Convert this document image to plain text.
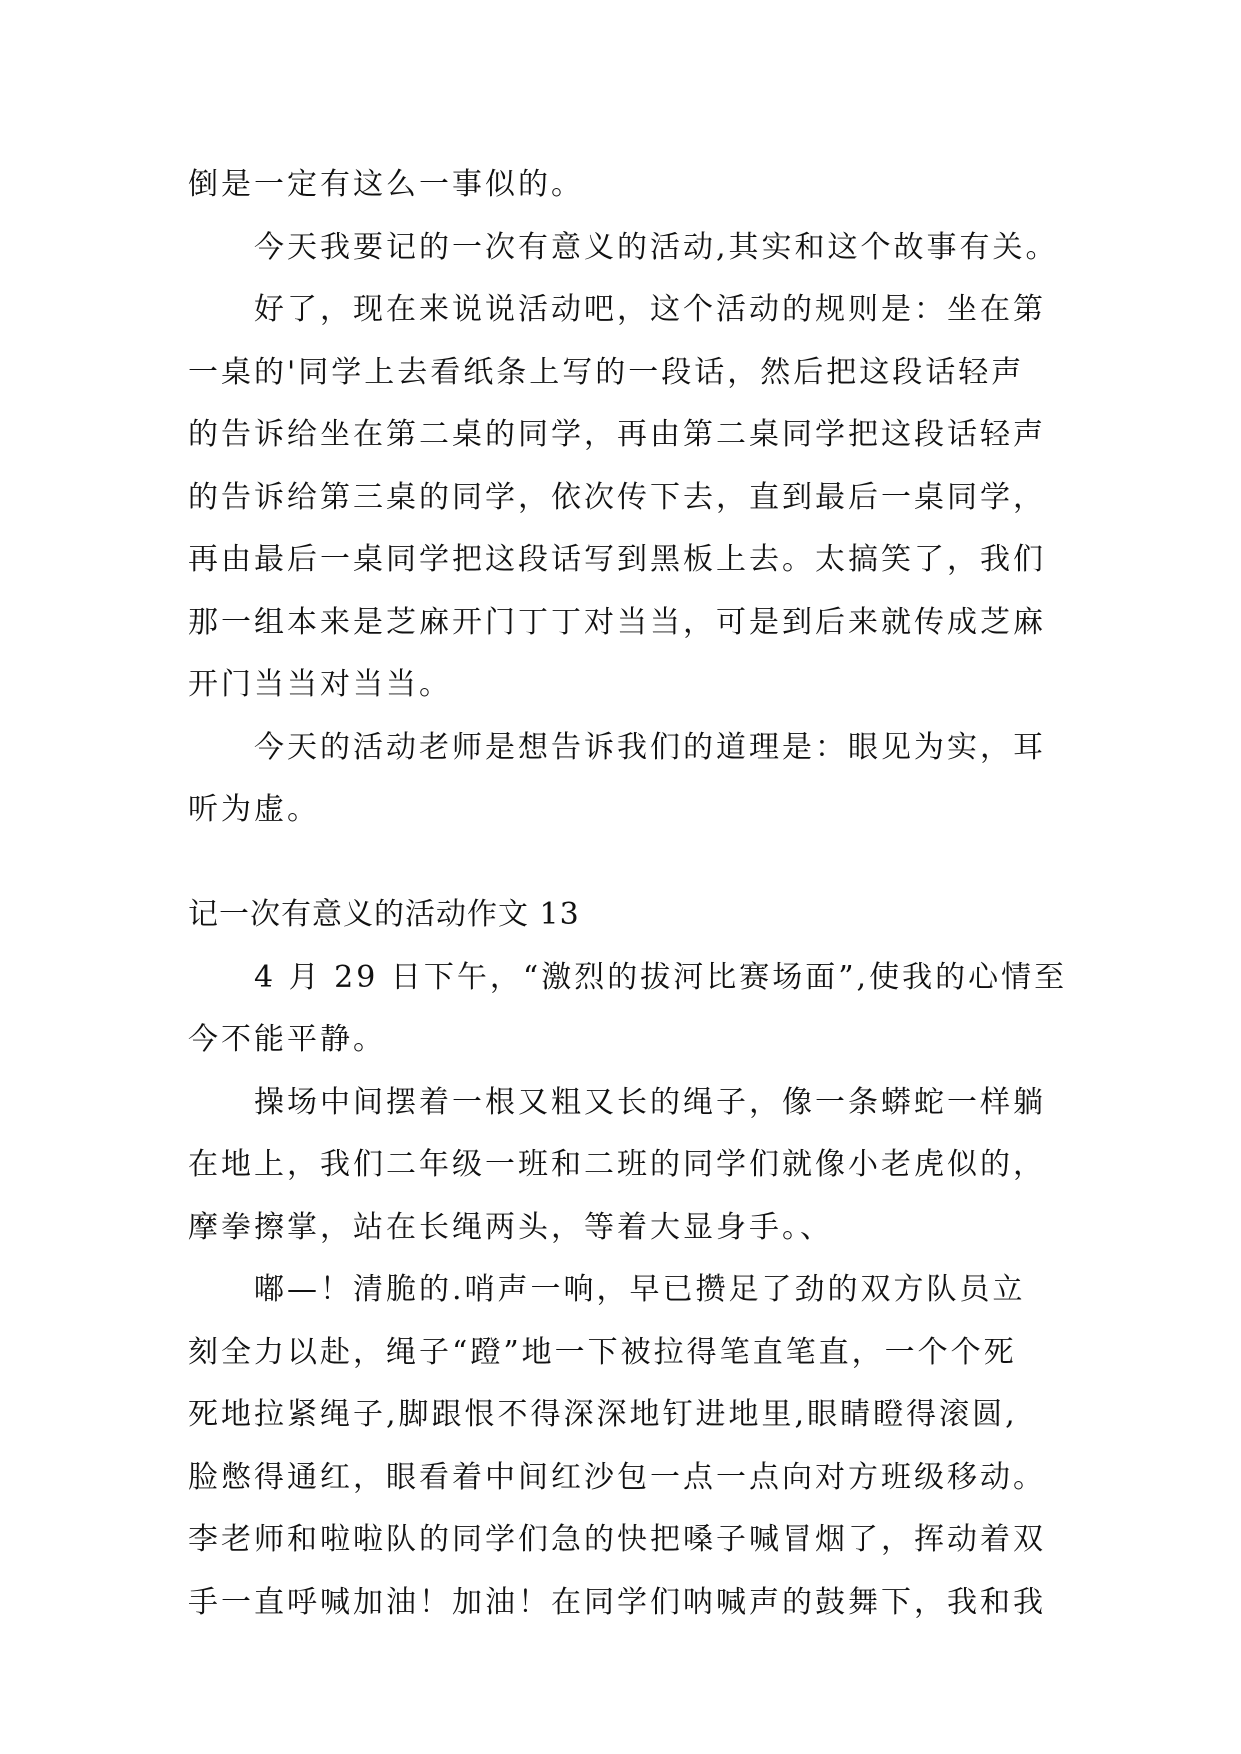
倒是一定有这么一事似的。
　　今天我要记的一次有意义的活动,其实和这个故事有关。
　　好了，现在来说说活动吧，这个活动的规则是：坐在第
一桌的'同学上去看纸条上写的一段话，然后把这段话轻声
的告诉给坐在第二桌的同学，再由第二桌同学把这段话轻声
的告诉给第三桌的同学，依次传下去，直到最后一桌同学，
再由最后一桌同学把这段话写到黑板上去。太搞笑了，我们
那一组本来是芝麻开门丁丁对当当，可是到后来就传成芝麻
开门当当对当当。
　　今天的活动老师是想告诉我们的道理是：眼见为实，耳
听为虚。
记一次有意义的活动作文 13
　　4 月 29 日下午，“激烈的拔河比赛场面”,使我的心情至
今不能平静。
　　操场中间摆着一根又粗又长的绳子，像一条蟒蛇一样躺
在地上，我们二年级一班和二班的同学们就像小老虎似的，
摩拳擦掌，站在长绳两头，等着大显身手。、
　　嘟—！清脆的.哨声一响，早已攒足了劲的双方队员立
刻全力以赴，绳子“蹬”地一下被拉得笔直笔直，一个个死
死地拉紧绳子,脚跟恨不得深深地钉进地里,眼睛瞪得滚圆,
脸憋得通红，眼看着中间红沙包一点一点向对方班级移动。
李老师和啦啦队的同学们急的快把嗓子喊冒烟了，挥动着双
手一直呼喊加油！加油！在同学们呐喊声的鼓舞下，我和我
